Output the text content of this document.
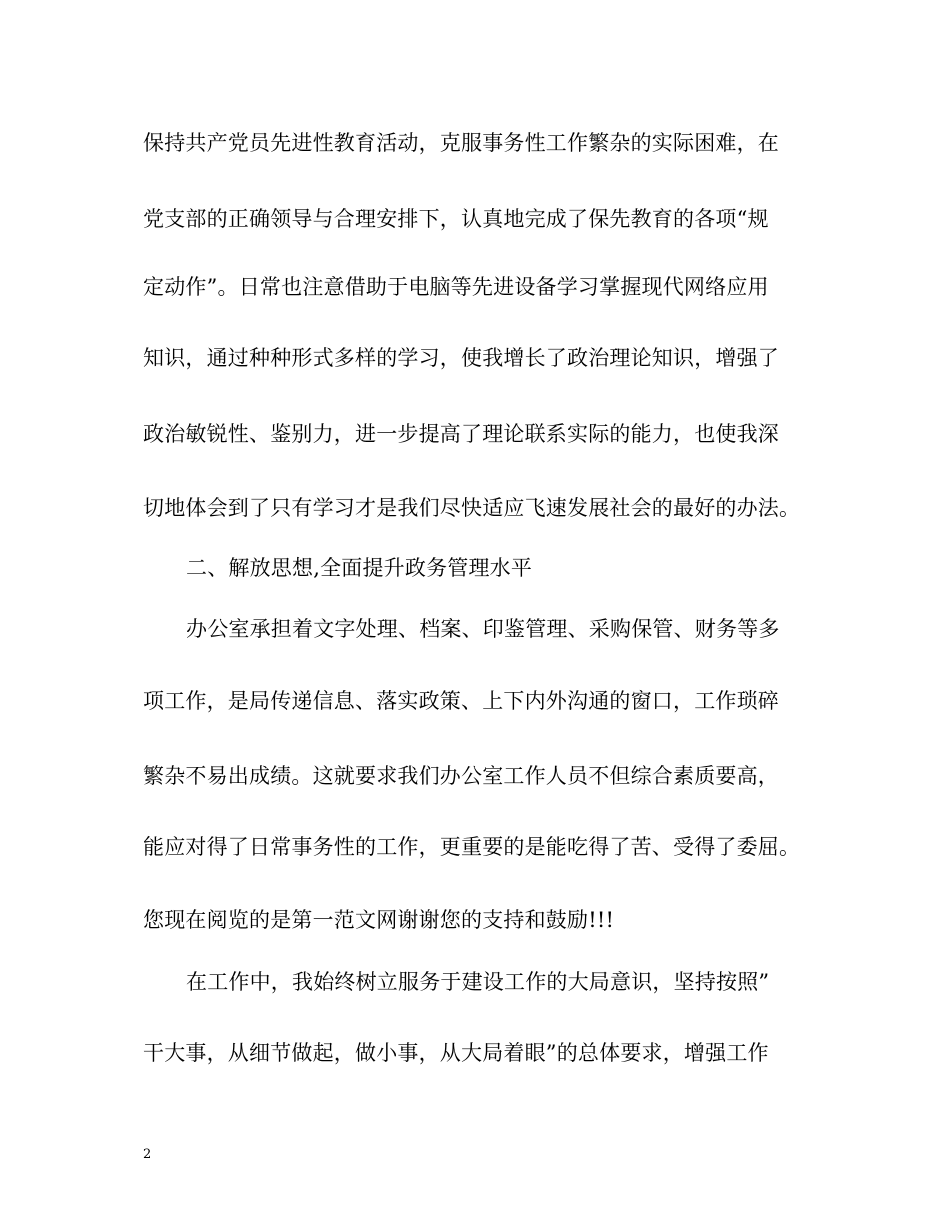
保持共产党员先进性教育活动，克服事务性工作繁杂的实际困难，在
党支部的正确领导与合理安排下，认真地完成了保先教育的各项“规
定动作”。日常也注意借助于电脑等先进设备学习掌握现代网络应用
知识，通过种种形式多样的学习，使我增长了政治理论知识，增强了
政治敏锐性、鉴别力，进一步提高了理论联系实际的能力，也使我深
切地体会到了只有学习才是我们尽快适应飞速发展社会的最好的办法。
二、解放思想,全面提升政务管理水平
办公室承担着文字处理、档案、印鉴管理、采购保管、财务等多
项工作，是局传递信息、落实政策、上下内外沟通的窗口，工作琐碎
繁杂不易出成绩。这就要求我们办公室工作人员不但综合素质要高，
能应对得了日常事务性的工作，更重要的是能吃得了苦、受得了委屈。
您现在阅览的是第一范文网谢谢您的支持和鼓励!!!
在工作中，我始终树立服务于建设工作的大局意识，坚持按照”
干大事，从细节做起，做小事，从大局着眼”的总体要求，增强工作
2
